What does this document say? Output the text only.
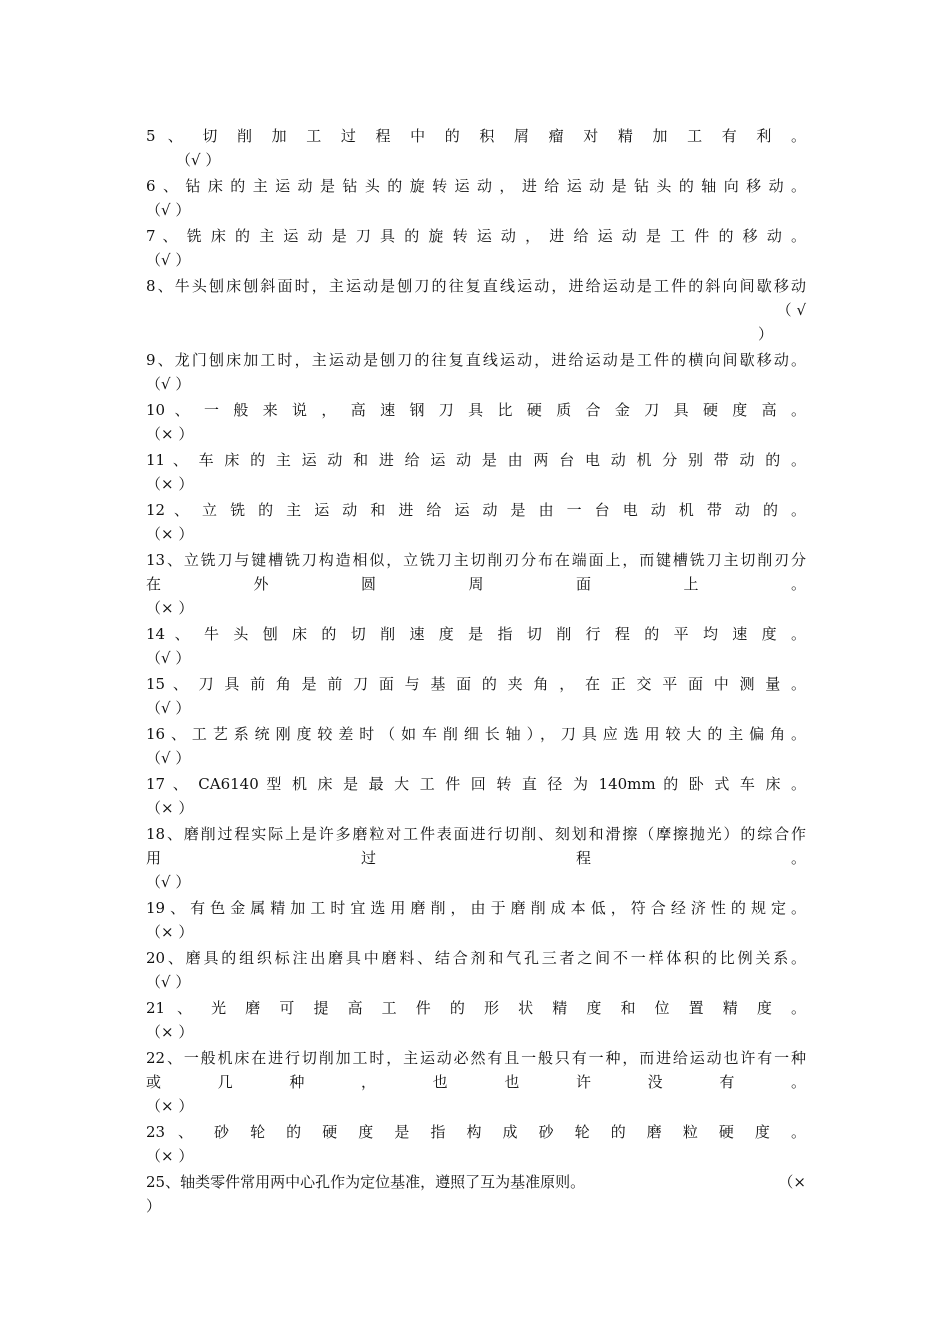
5 、 切 削 加 工 过 程 中 的 积 屑 瘤 对 精 加 工 有 利 。
（√ ）
6、钻床的主运动是钻头的旋转运动，进给运动是钻头的轴向移动。
（√ ）
7 、 铣 床 的 主 运 动 是 刀 具 的 旋 转 运 动 ， 进 给 运 动 是 工 件 的 移 动 。
（√ ）
8、牛头刨床刨斜面时，主运动是刨刀的往复直线运动，进给运动是工件的斜向间歇移动
（ √
）
9、龙门刨床加工时，主运动是刨刀的往复直线运动，进给运动是工件的横向间歇移动。
（√ ）
10 、 一 般 来 说 ， 高 速 钢 刀 具 比 硬 质 合 金 刀 具 硬 度 高 。
（× ）
11 、 车 床 的 主 运 动 和 进 给 运 动 是 由 两 台 电 动 机 分 别 带 动 的 。
（× ）
12 、 立 铣 的 主 运 动 和 进 给 运 动 是 由 一 台 电 动 机 带 动 的 。
（× ）
13、立铣刀与键槽铣刀构造相似，立铣刀主切削刃分布在端面上，而键槽铣刀主切削刃分
在 外 圆 周 面 上 。
（× ）
14 、 牛 头 刨 床 的 切 削 速 度 是 指 切 削 行 程 的 平 均 速 度 。
（√ ）
15 、 刀 具 前 角 是 前 刀 面 与 基 面 的 夹 角 ， 在 正 交 平 面 中 测 量 。
（√ ）
16、工艺系统刚度较差时（如车削细长轴），刀具应选用较大的主偏角。
（√ ）
17 、 CA6140 型 机 床 是 最 大 工 件 回 转 直 径 为 140mm 的 卧 式 车 床 。
（× ）
18、磨削过程实际上是许多磨粒对工件表面进行切削、刻划和滑擦（摩擦抛光）的综合作
用 过 程 。
（√ ）
19、有色金属精加工时宜选用磨削，由于磨削成本低，符合经济性的规定。
（× ）
20、磨具的组织标注出磨具中磨料、结合剂和气孔三者之间不一样体积的比例关系。
（√ ）
21 、 光 磨 可 提 高 工 件 的 形 状 精 度 和 位 置 精 度 。
（× ）
22、一般机床在进行切削加工时，主运动必然有且一般只有一种，而进给运动也许有一种
或 几 种 ， 也 也 许 没 有 。
（× ）
23 、 砂 轮 的 硬 度 是 指 构 成 砂 轮 的 磨 粒 硬 度 。
（× ）
25、轴类零件常用两中心孔作为定位基准，遵照了互为基准原则。	（×
）
